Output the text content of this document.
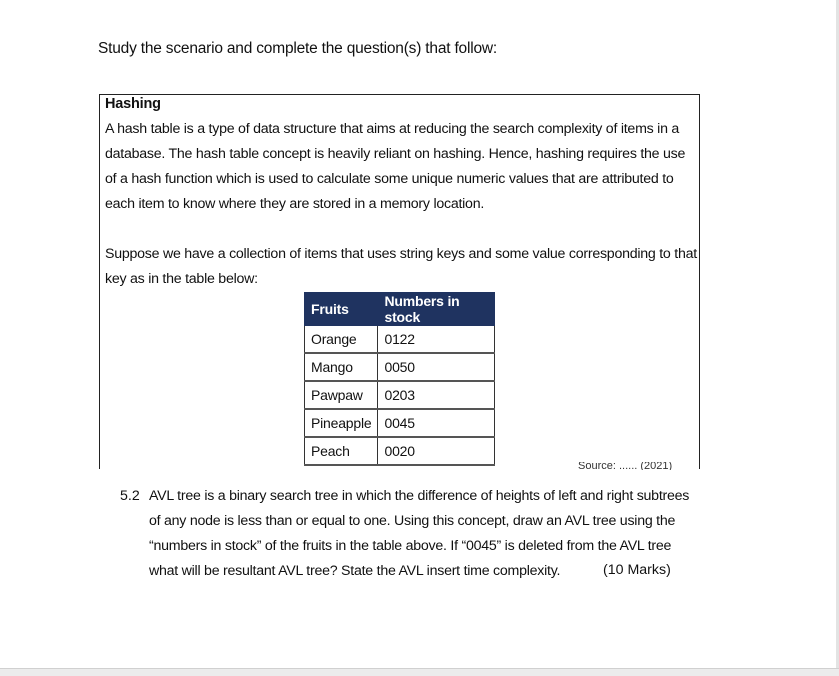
Study the scenario and complete the question(s) that follow:
Hashing
A hash table is a type of data structure that aims at reducing the search complexity of items in a database. The hash table concept is heavily reliant on hashing. Hence, hashing requires the use of a hash function which is used to calculate some unique numeric values that are attributed to each item to know where they are stored in a memory location.
Suppose we have a collection of items that uses string keys and some value corresponding to that key as in the table below:
Fruits	Numbers in stock
Orange	0122
Mango	0050
Pawpaw	0203
Pineapple	0045
Peach	0020
Source: ...... (2021)
5.2 AVL tree is a binary search tree in which the difference of heights of left and right subtrees
of any node is less than or equal to one. Using this concept, draw an AVL tree using the
“numbers in stock” of the fruits in the table above. If “0045” is deleted from the AVL tree
what will be resultant AVL tree? State the AVL insert time complexity.	(10 Marks)
